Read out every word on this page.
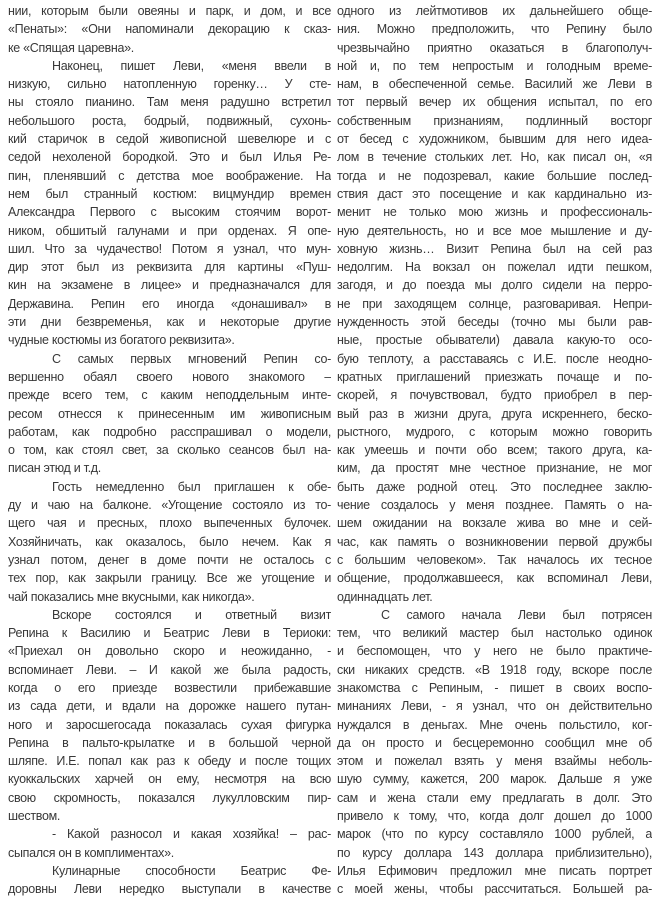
нии, которым были овеяны и парк, и дом, и все
«Пенаты»: «Они напоминали декорацию к сказ-
ке «Спящая царевна».
Наконец, пишет Леви, «меня ввели в
низкую, сильно натопленную горенку… У сте-
ны стояло пианино. Там меня радушно встретил
небольшого роста, бодрый, подвижный, сухонь-
кий старичок в седой живописной шевелюре и с
седой нехоленой бородкой. Это и был Илья Ре-
пин, пленявший с детства мое воображение. На
нем был странный костюм: вицмундир времен
Александра Первого с высоким стоячим ворот-
ником, обшитый галунами и при орденах. Я опе-
шил. Что за чудачество! Потом я узнал, что мун-
дир этот был из реквизита для картины «Пуш-
кин на экзамене в лицее» и предназначался для
Державина. Репин его иногда «донашивал» в
эти дни безвременья, как и некоторые другие
чудные костюмы из богатого реквизита».
С самых первых мгновений Репин со-
вершенно обаял своего нового знакомого –
прежде всего тем, с каким неподдельным инте-
ресом отнесся к принесенным им живописным
работам, как подробно расспрашивал о модели,
о том, как стоял свет, за сколько сеансов был на-
писан этюд и т.д.
Гость немедленно был приглашен к обе-
ду и чаю на балконе. «Угощение состояло из то-
щего чая и пресных, плохо выпеченных булочек.
Хозяйничать, как оказалось, было нечем. Как я
узнал потом, денег в доме почти не осталось с
тех пор, как закрыли границу. Все же угощение и
чай показались мне вкусными, как никогда».
Вскоре состоялся и ответный визит
Репина к Василию и Беатрис Леви в Териоки:
«Приехал он довольно скоро и неожиданно, -
вспоминает Леви. – И какой же была радость,
когда о его приезде возвестили прибежавшие
из сада дети, и вдали на дорожке нашего путан-
ного и заросшегосада показалась сухая фигурка
Репина в пальто-крылатке и в большой черной
шляпе. И.Е. попал как раз к обеду и после тощих
куоккальских харчей он ему, несмотря на всю
свою скромность, показался лукулловским пир-
шеством.
- Какой разносол и какая хозяйка! – рас-
сыпался он в комплиментах».
Кулинарные способности Беатрис Фе-
доровны Леви нередко выступали в качестве
одного из лейтмотивов их дальнейшего обще-
ния. Можно предположить, что Репину было
чрезвычайно приятно оказаться в благополуч-
ной и, по тем непростым и голодным време-
нам, в обеспеченной семье. Василий же Леви в
тот первый вечер их общения испытал, по его
собственным признаниям, подлинный восторг
от бесед с художником, бывшим для него идеа-
лом в течение стольких лет. Но, как писал он, «я
тогда и не подозревал, какие большие послед-
ствия даст это посещение и как кардинально из-
менит не только мою жизнь и профессиональ-
ную деятельность, но и все мое мышление и ду-
ховную жизнь… Визит Репина был на сей раз
недолгим. На вокзал он пожелал идти пешком,
загодя, и до поезда мы долго сидели на перро-
не при заходящем солнце, разговаривая. Непри-
нужденность этой беседы (точно мы были рав-
ные, простые обыватели) давала какую-то осо-
бую теплоту, а расставаясь с И.Е. после неодно-
кратных приглашений приезжать почаще и по-
скорей, я почувствовал, будто приобрел в пер-
вый раз в жизни друга, друга искреннего, беско-
рыстного, мудрого, с которым можно говорить
как умеешь и почти обо всем; такого друга, ка-
ким, да простят мне честное признание, не мог
быть даже родной отец. Это последнее заклю-
чение создалось у меня позднее. Память о на-
шем ожидании на вокзале жива во мне и сей-
час, как память о возникновении первой дружбы
с большим человеком». Так началось их тесное
общение, продолжавшееся, как вспоминал Леви,
одиннадцать лет.
С самого начала Леви был потрясен
тем, что великий мастер был настолько одинок
и беспомощен, что у него не было практиче-
ски никаких средств. «В 1918 году, вскоре после
знакомства с Репиным, - пишет в своих воспо-
минаниях Леви, - я узнал, что он действительно
нуждался в деньгах. Мне очень польстило, ког-
да он просто и бесцеремонно сообщил мне об
этом и пожелал взять у меня взаймы неболь-
шую сумму, кажется, 200 марок. Дальше я уже
сам и жена стали ему предлагать в долг. Это
привело к тому, что, когда долг дошел до 1000
марок (что по курсу составляло 1000 рублей, а
по курсу доллара 143 доллара приблизительно),
Илья Ефимович предложил мне писать портрет
с моей жены, чтобы рассчитаться. Большей ра-
